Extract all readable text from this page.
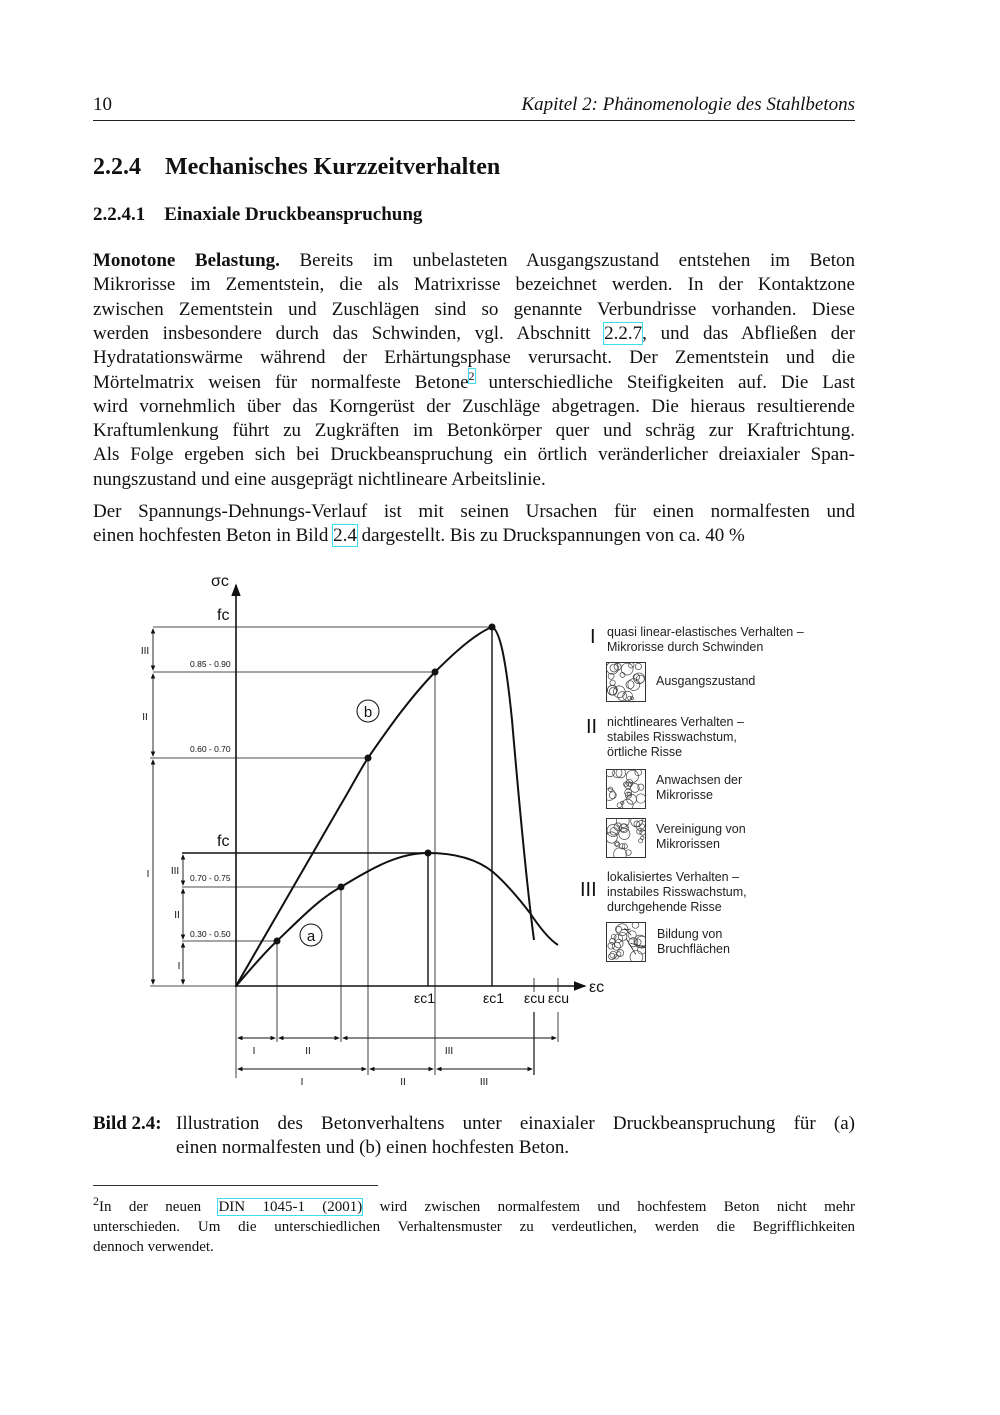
10	Kapitel 2: Phänomenologie des Stahlbetons
2.2.4    Mechanisches Kurzzeitverhalten
2.2.4.1    Einaxiale Druckbeanspruchung
Monotone Belastung. Bereits im unbelasteten Ausgangszustand entstehen im Beton
Mikrorisse im Zementstein, die als Matrixrisse bezeichnet werden. In der Kontaktzone
zwischen Zementstein und Zuschlägen sind so genannte Verbundrisse vorhanden. Diese
werden insbesondere durch das Schwinden, vgl. Abschnitt 2.2.7, und das Abfließen der
Hydratationswärme während der Erhärtungsphase verursacht. Der Zementstein und die
Mörtelmatrix weisen für normalfeste Betone$^2$ unterschiedliche Steifigkeiten auf. Die Last
wird vornehmlich über das Korngerüst der Zuschläge abgetragen. Die hieraus resultierende
Kraftumlenkung führt zu Zugkräften im Betonkörper quer und schräg zur Kraftrichtung.
Als Folge ergeben sich bei Druckbeanspruchung ein örtlich veränderlicher dreiaxialer Span-
nungszustand und eine ausgeprägt nichtlineare Arbeitslinie.
Der Spannungs-Dehnungs-Verlauf ist mit seinen Ursachen für einen normalfesten und
einen hochfesten Beton in Bild 2.4 dargestellt. Bis zu Druckspannungen von ca. 40 %
σc
fc
fc
εc
0.85 - 0.90
0.60 - 0.70
0.70 - 0.75
0.30 - 0.50
εc1	εc1 εcu εcu
a
b
III
II
I III
II
I
I	II	III
I	II	III
I quasi linear-elastisches Verhalten –
Mikrorisse durch Schwinden
Ausgangszustand
II nichtlineares Verhalten –
stabiles Risswachstum,
örtliche Risse
Anwachsen der
Mikrorisse
Vereinigung von
Mikrorissen
III
lokalisiertes Verhalten –
instabiles Risswachstum,
durchgehende Risse
Bildung von
Bruchflächen
Bild 2.4: Illustration des Betonverhaltens unter einaxialer Druckbeanspruchung für (a)
einen normalfesten und (b) einen hochfesten Beton.
$^2$In der neuen DIN 1045-1 (2001) wird zwischen normalfestem und hochfestem Beton nicht mehr
unterschieden. Um die unterschiedlichen Verhaltensmuster zu verdeutlichen, werden die Begrifflichkeiten
dennoch verwendet.
